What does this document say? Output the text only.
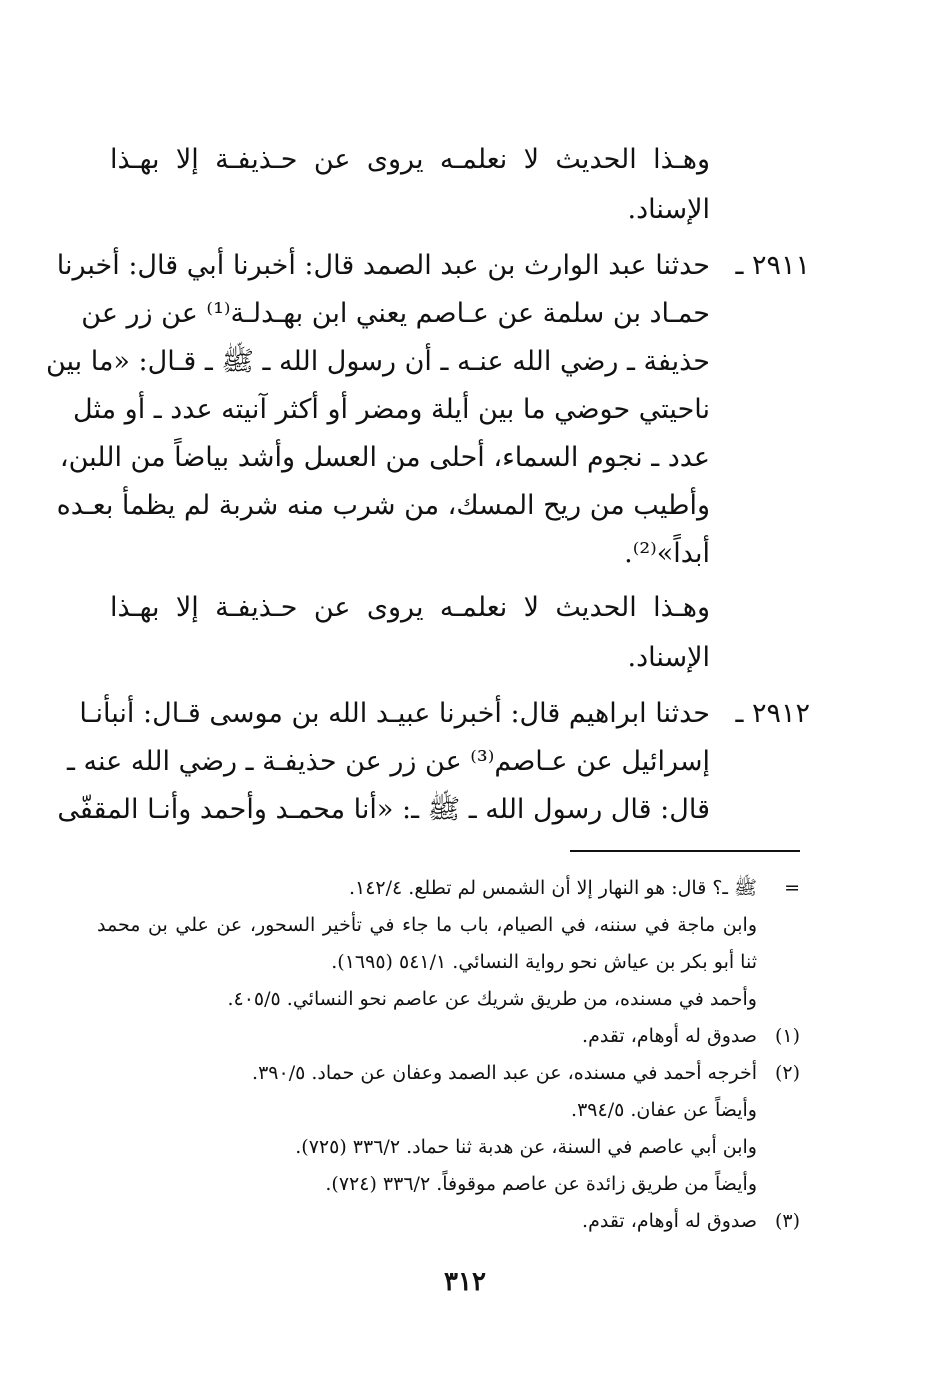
وهـذا الحديث لا نعلمـه يروى عن حـذيفـة إلا بهـذا
الإسناد.
٢٩١١ ـ
حدثنا عبد الوارث بن عبد الصمد قال: أخبرنا أبي قال: أخبرنا
حمـاد بن سلمة عن عـاصم يعني ابن بهـدلـة⁽¹⁾ عن زر عن
حذيفة ـ رضي الله عنـه ـ أن رسول الله ـ ﷺ ـ قـال: «ما بين
ناحيتي حوضي ما بين أيلة ومضر أو أكثر آنيته عدد ـ أو مثل
عدد ـ نجوم السماء، أحلى من العسل وأشد بياضاً من اللبن،
وأطيب من ريح المسك، من شرب منه شربة لم يظمأ بعـده
أبداً»⁽²⁾.
وهـذا الحديث لا نعلمـه يروى عن حـذيفـة إلا بهـذا
الإسناد.
٢٩١٢ ـ
حدثنا ابراهيم قال: أخبرنا عبيـد الله بن موسى قـال: أنبأنـا
إسرائيل عن عـاصم⁽³⁾ عن زر عن حذيفـة ـ رضي الله عنه ـ
قال: قال رسول الله ـ ﷺ ـ: «أنا محمـد وأحمد وأنـا المقفّى
=
ﷺ ـ؟ قال: هو النهار إلا أن الشمس لم تطلع. ١٤٢/٤.
وابن ماجة في سننه، في الصيام، باب ما جاء في تأخير السحور، عن علي بن محمد
ثنا أبو بكر بن عياش نحو رواية النسائي. ٥٤١/١ (١٦٩٥).
وأحمد في مسنده، من طريق شريك عن عاصم نحو النسائي. ٤٠٥/٥.
(١)
صدوق له أوهام، تقدم.
(٢)
أخرجه أحمد في مسنده، عن عبد الصمد وعفان عن حماد. ٣٩٠/٥.
وأيضاً عن عفان. ٣٩٤/٥.
وابن أبي عاصم في السنة، عن هدبة ثنا حماد. ٣٣٦/٢ (٧٢٥).
وأيضاً من طريق زائدة عن عاصم موقوفاً. ٣٣٦/٢ (٧٢٤).
(٣)
صدوق له أوهام، تقدم.
٣١٢
